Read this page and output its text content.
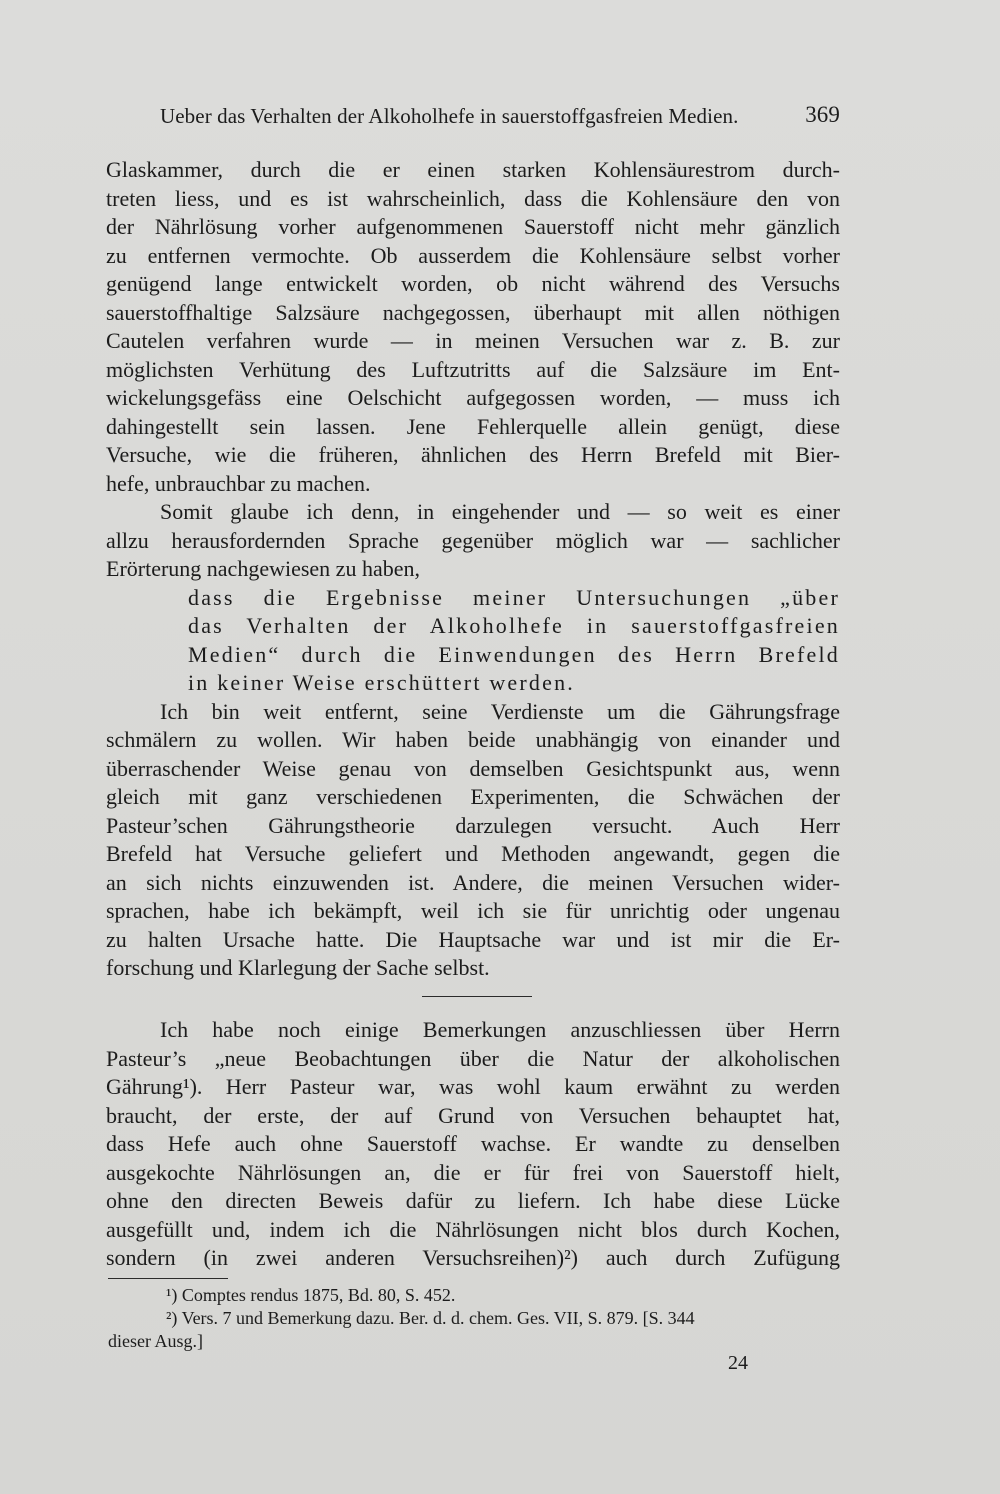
Ueber das Verhalten der Alkoholhefe in sauerstoffgasfreien Medien.	369
Glaskammer, durch die er einen starken Kohlensäurestrom durch-
treten liess, und es ist wahrscheinlich, dass die Kohlensäure den von
der Nährlösung vorher aufgenommenen Sauerstoff nicht mehr gänzlich
zu entfernen vermochte. Ob ausserdem die Kohlensäure selbst vorher
genügend lange entwickelt worden, ob nicht während des Versuchs
sauerstoffhaltige Salzsäure nachgegossen, überhaupt mit allen nöthigen
Cautelen verfahren wurde — in meinen Versuchen war z. B. zur
möglichsten Verhütung des Luftzutritts auf die Salzsäure im Ent-
wickelungsgefäss eine Oelschicht aufgegossen worden, — muss ich
dahingestellt sein lassen. Jene Fehlerquelle allein genügt, diese
Versuche, wie die früheren, ähnlichen des Herrn Brefeld mit Bier-
hefe, unbrauchbar zu machen.
Somit glaube ich denn, in eingehender und — so weit es einer
allzu herausfordernden Sprache gegenüber möglich war — sachlicher
Erörterung nachgewiesen zu haben,
dass die Ergebnisse meiner Untersuchungen „über
das Verhalten der Alkoholhefe in sauerstoffgasfreien
Medien“ durch die Einwendungen des Herrn Brefeld
in keiner Weise erschüttert werden.
Ich bin weit entfernt, seine Verdienste um die Gährungsfrage
schmälern zu wollen. Wir haben beide unabhängig von einander und
überraschender Weise genau von demselben Gesichtspunkt aus, wenn
gleich mit ganz verschiedenen Experimenten, die Schwächen der
Pasteur’schen Gährungstheorie darzulegen versucht. Auch Herr
Brefeld hat Versuche geliefert und Methoden angewandt, gegen die
an sich nichts einzuwenden ist. Andere, die meinen Versuchen wider-
sprachen, habe ich bekämpft, weil ich sie für unrichtig oder ungenau
zu halten Ursache hatte. Die Hauptsache war und ist mir die Er-
forschung und Klarlegung der Sache selbst.
Ich habe noch einige Bemerkungen anzuschliessen über Herrn
Pasteur’s „neue Beobachtungen über die Natur der alkoholischen
Gährung¹). Herr Pasteur war, was wohl kaum erwähnt zu werden
braucht, der erste, der auf Grund von Versuchen behauptet hat,
dass Hefe auch ohne Sauerstoff wachse. Er wandte zu denselben
ausgekochte Nährlösungen an, die er für frei von Sauerstoff hielt,
ohne den directen Beweis dafür zu liefern. Ich habe diese Lücke
ausgefüllt und, indem ich die Nährlösungen nicht blos durch Kochen,
sondern (in zwei anderen Versuchsreihen)²) auch durch Zufügung
¹) Comptes rendus 1875, Bd. 80, S. 452.
²) Vers. 7 und Bemerkung dazu. Ber. d. d. chem. Ges. VII, S. 879. [S. 344
dieser Ausg.]
24
